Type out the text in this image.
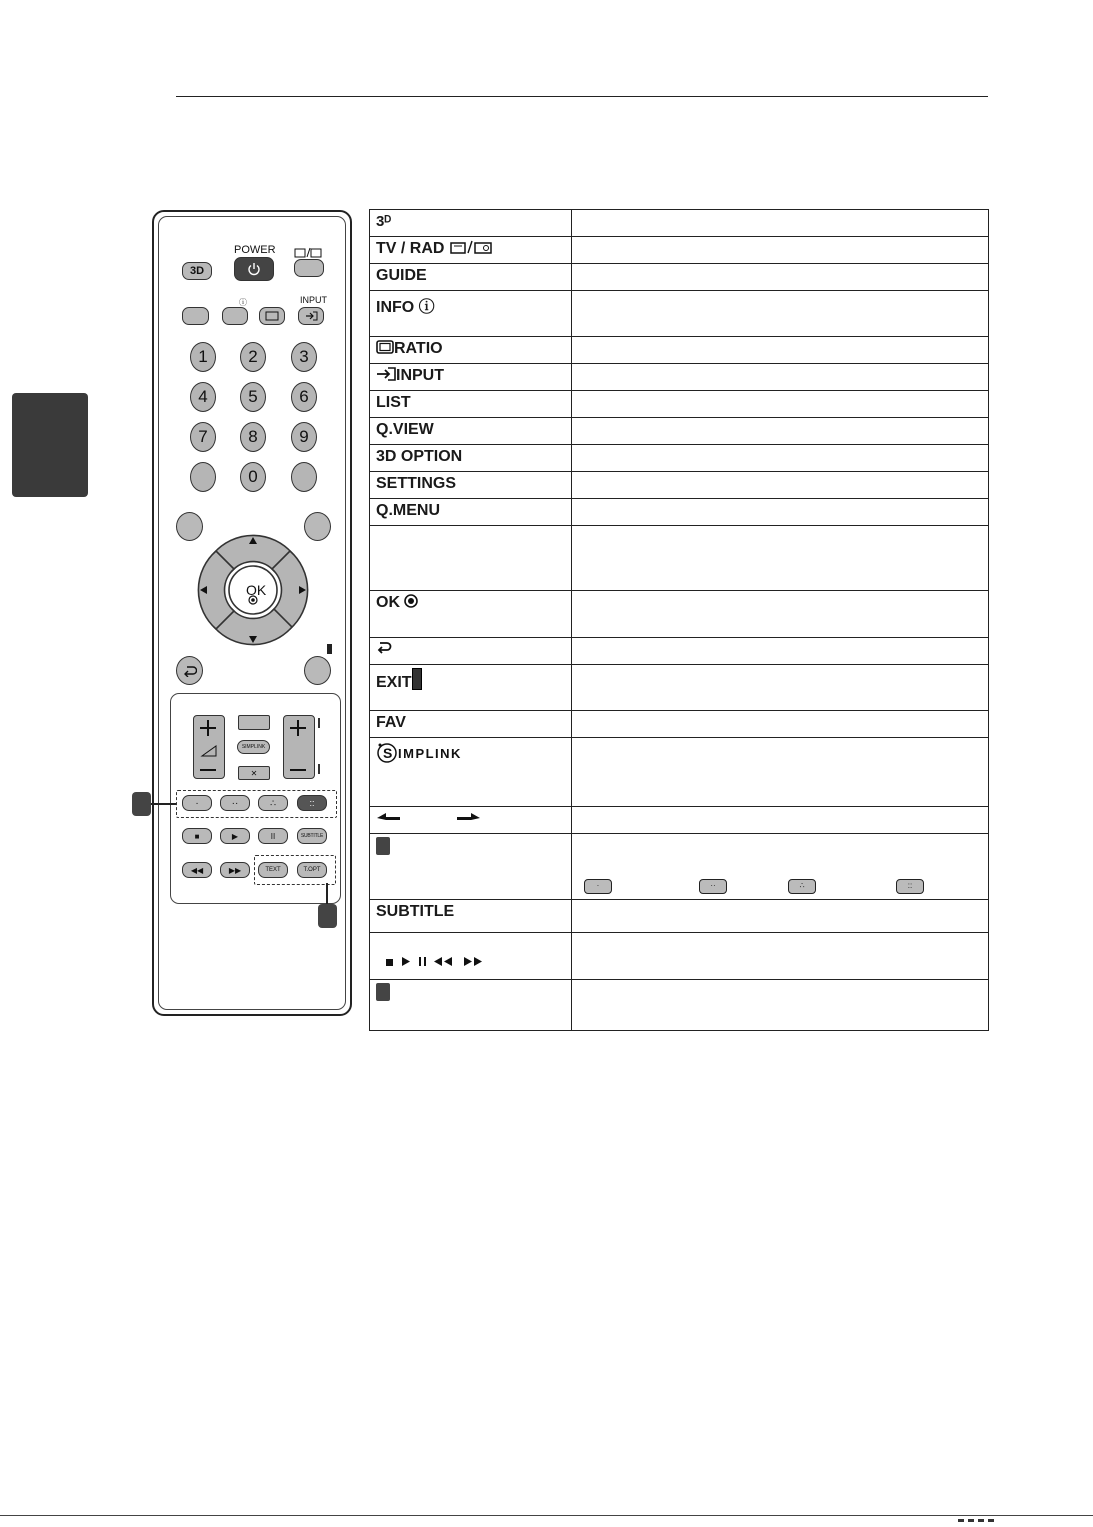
POWER
3D
ⓘ	INPUT
1	2	3
4	5	6
7	8	9
0
OK
SIMPLINK
✕
·	··	∴	::
■	▶	II	SUBTITLE
◀◀	▶▶	TEXT	T.OPT
3ᴰ	
TV / RAD	
GUIDE	
INFO ⓘ	
RATIO	
INPUT	
LIST	
Q.VIEW	
3D OPTION	
SETTINGS	
Q.MENU	

OK	

EXIT	
FAV	

S IMPLINK	

	· ·· ∴ ::

SUBTITLE	
